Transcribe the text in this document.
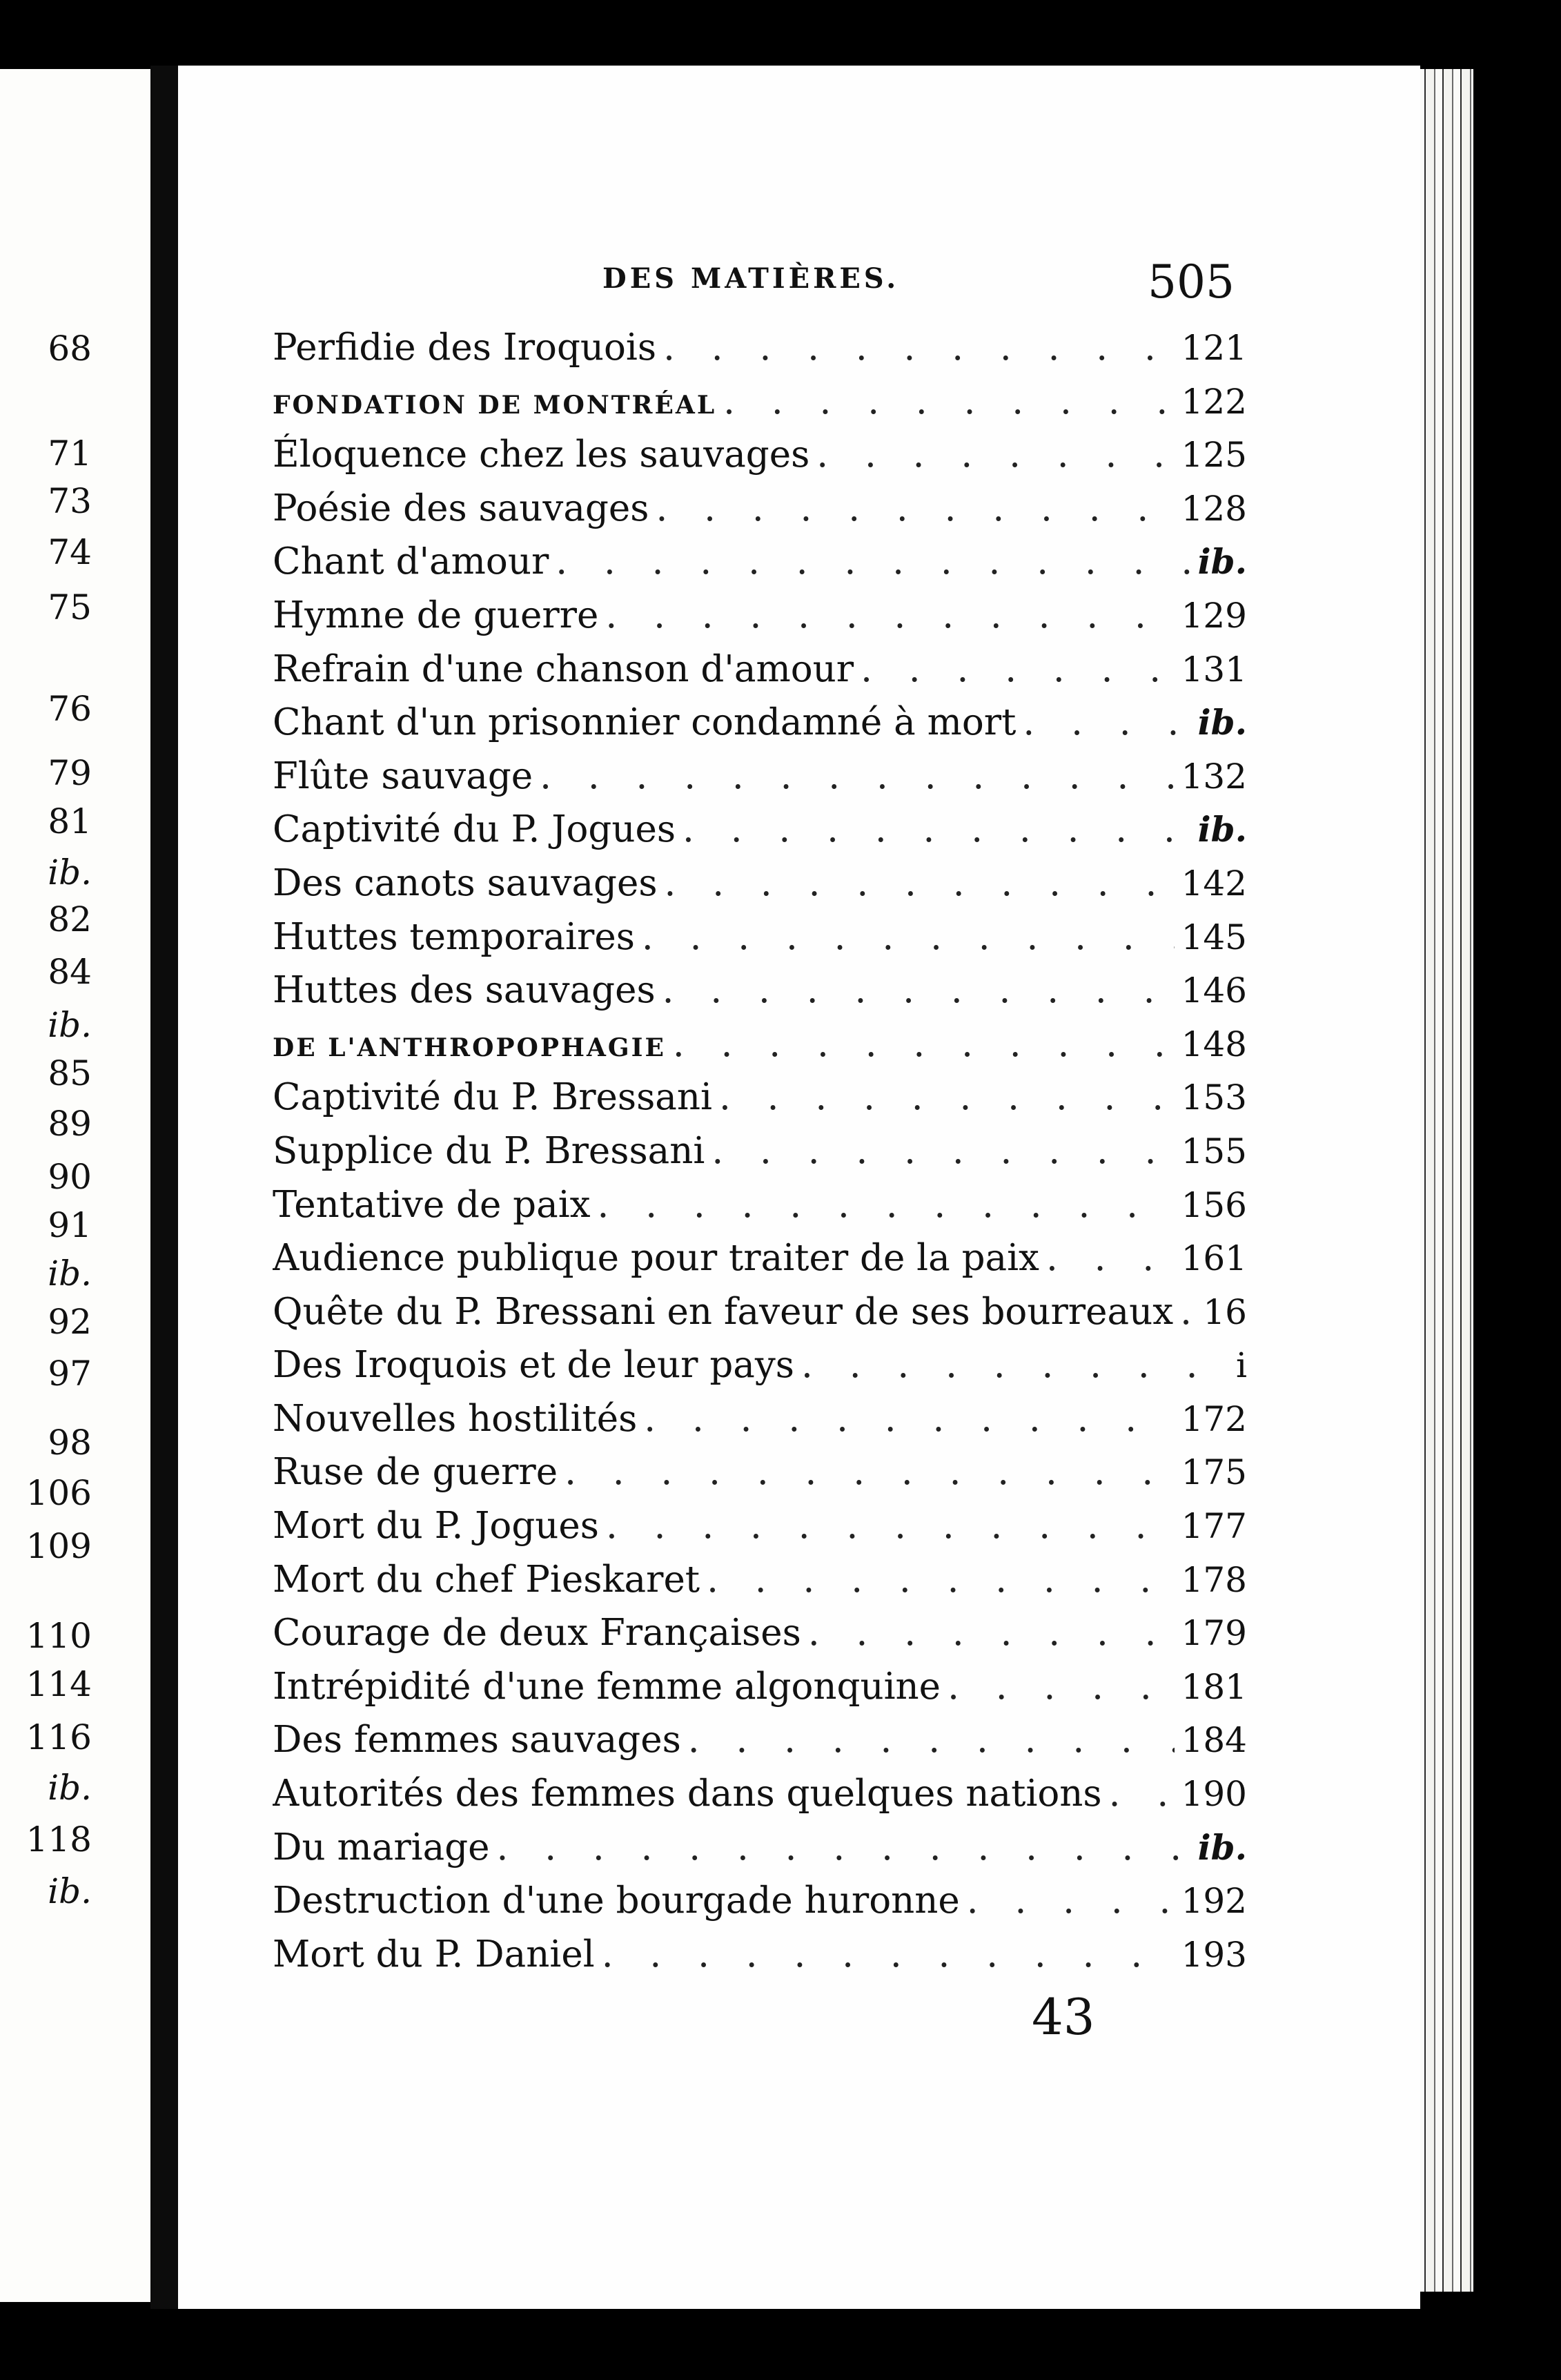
68
71
73
74
75
76
79
81
ib.
82
84
ib.
85
89
90
91
ib.
92
97
98
106
109
110
114
116
ib.
118
ib.
DES MATIÈRES.	505
Perfidie des Iroquois . . .	121
FONDATION DE MONTRÉAL . . .	122
Éloquence chez les sauvages . . .	125
Poésie des sauvages . . .	128
Chant d'amour . . .	ib.
Hymne de guerre . . .	129
Refrain d'une chanson d'amour . . .	131
Chant d'un prisonnier condamné à mort . . .	ib.
Flûte sauvage . . .	132
Captivité du P. Jogues . . .	ib.
Des canots sauvages . . .	142
Huttes temporaires . . .	145
Huttes des sauvages . . .	146
DE L'ANTHROPOPHAGIE . . .	148
Captivité du P. Bressani . . .	153
Supplice du P. Bressani . . .	155
Tentative de paix . . .	156
Audience publique pour traiter de la paix . . .	161
Quête du P. Bressani en faveur de ses bourreaux . . . 16
Des Iroquois et de leur pays . . .	i
Nouvelles hostilités . . .	172
Ruse de guerre . . .	175
Mort du P. Jogues . . .	177
Mort du chef Pieskaret . . .	178
Courage de deux Françaises . . .	179
Intrépidité d'une femme algonquine . . .	181
Des femmes sauvages . . .	184
Autorités des femmes dans quelques nations . . . 190
Du mariage . . .	ib.
Destruction d'une bourgade huronne . . .	192
Mort du P. Daniel . . .	193
43
